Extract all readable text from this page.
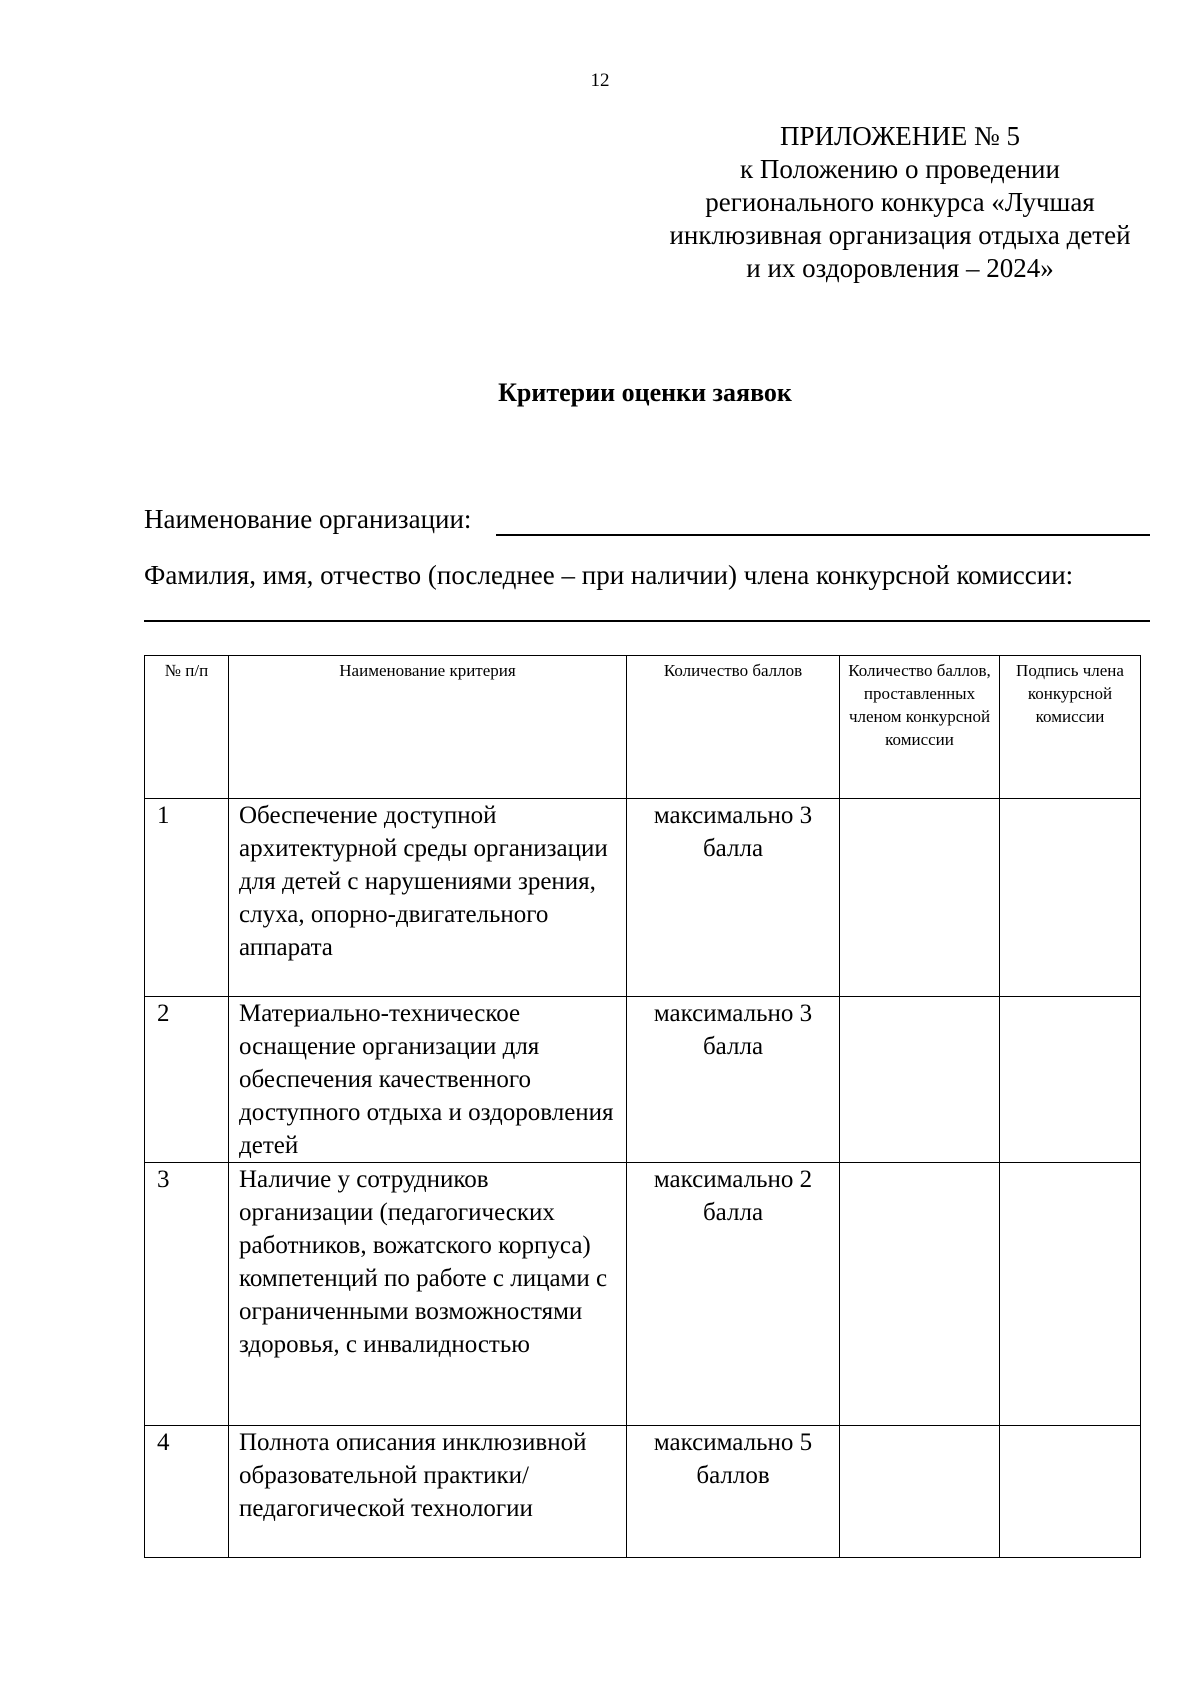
12
ПРИЛОЖЕНИЕ № 5
к Положению о проведении
регионального конкурса «Лучшая
инклюзивная организация отдыха детей
и их оздоровления – 2024»
Критерии оценки заявок
Наименование организации:
Фамилия, имя, отчество (последнее – при наличии) члена конкурсной комиссии:
№ п/п	Наименование критерия	Количество баллов	Количество баллов, проставленных членом конкурсной комиссии	Подпись члена конкурсной комиссии

1	Обеспечение доступной архитектурной среды организации для детей с нарушениями зрения, слуха, опорно-двигательного аппарата	максимально 3 балла		
2	Материально-техническое оснащение организации для обеспечения качественного доступного отдыха и оздоровления детей	максимально 3 балла		
3	Наличие у сотрудников организации (педагогических работников, вожатского корпуса) компетенций по работе с лицами с ограниченными возможностями здоровья, с инвалидностью	максимально 2 балла		
4	Полнота описания инклюзивной образовательной практики/педагогической технологии	максимально 5 баллов		
